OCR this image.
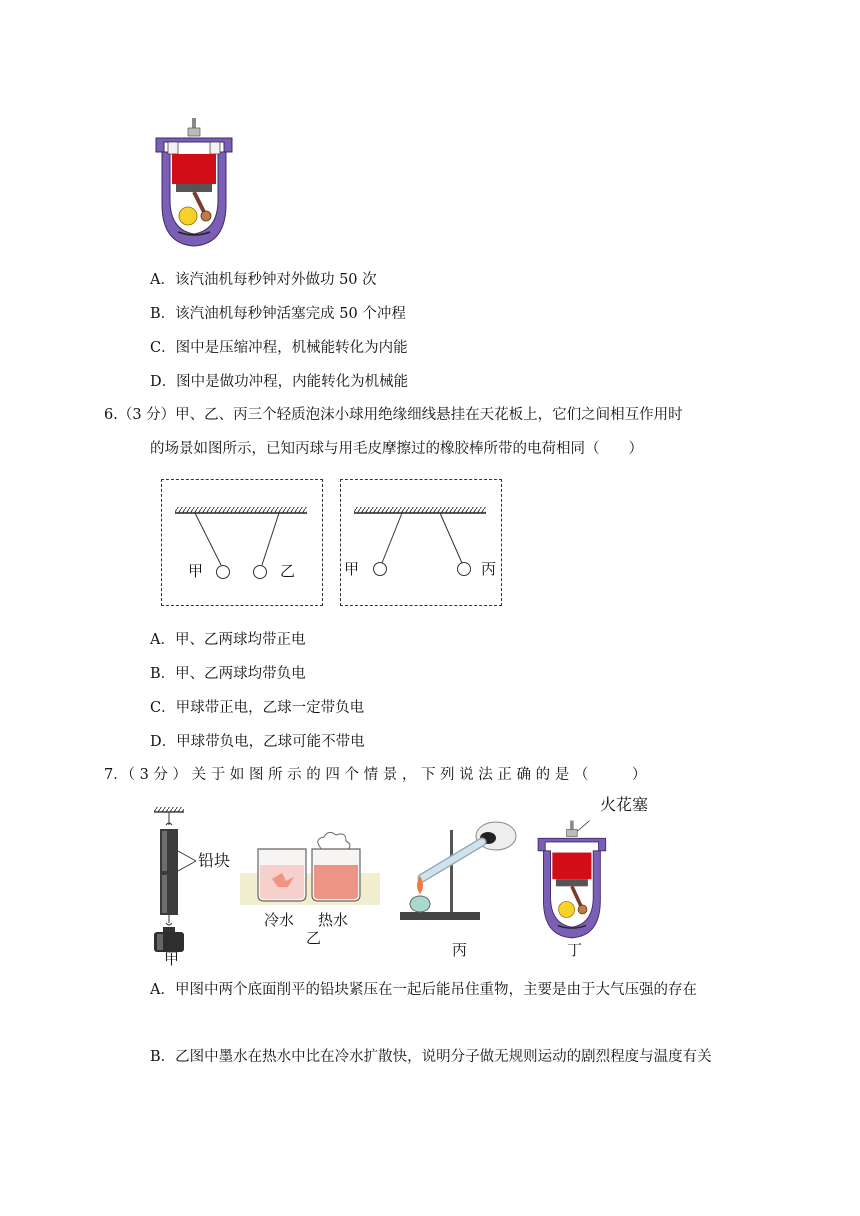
A．该汽油机每秒钟对外做功 50 次
B．该汽油机每秒钟活塞完成 50 个冲程
C．图中是压缩冲程，机械能转化为内能
D．图中是做功冲程，内能转化为机械能
6.（3 分）甲、乙、丙三个轻质泡沫小球用绝缘细线悬挂在天花板上，它们之间相互作用时
的场景如图所示，已知丙球与用毛皮摩擦过的橡胶棒所带的电荷相同（　　）
甲	乙	甲	丙
A．甲、乙两球均带正电
B．甲、乙两球均带负电
C．甲球带正电，乙球一定带负电
D．甲球带负电，乙球可能不带电
7．（ 3 分 ） 关 于 如 图 所 示 的 四 个 情 景 ， 下 列 说 法 正 确 的 是 （　　　）
铅块
冷水 热水
火花塞
甲
乙
丙	丁
A．甲图中两个底面削平的铅块紧压在一起后能吊住重物，主要是由于大气压强的存在
B．乙图中墨水在热水中比在冷水扩散快，说明分子做无规则运动的剧烈程度与温度有关
